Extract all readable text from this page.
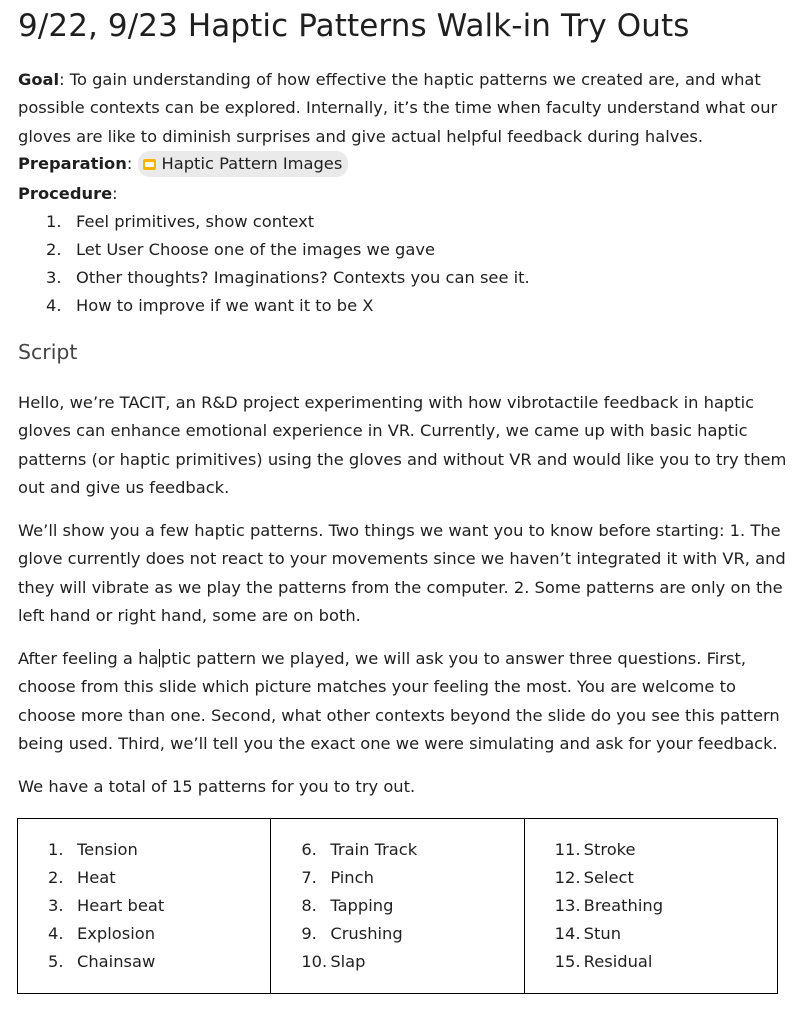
9/22, 9/23 Haptic Patterns Walk-in Try Outs
Goal: To gain understanding of how effective the haptic patterns we created are, and what possible contexts can be explored. Internally, it’s the time when faculty understand what our gloves are like to diminish surprises and give actual helpful feedback during halves.
Preparation: Haptic Pattern Images
Procedure:
1. Feel primitives, show context
2. Let User Choose one of the images we gave
3. Other thoughts? Imaginations? Contexts you can see it.
4. How to improve if we want it to be X
Script
Hello, we’re TACIT, an R&D project experimenting with how vibrotactile feedback in haptic gloves can enhance emotional experience in VR. Currently, we came up with basic haptic patterns (or haptic primitives) using the gloves and without VR and would like you to try them out and give us feedback.
We’ll show you a few haptic patterns. Two things we want you to know before starting: 1. The glove currently does not react to your movements since we haven’t integrated it with VR, and they will vibrate as we play the patterns from the computer. 2. Some patterns are only on the left hand or right hand, some are on both.
After feeling a ha ptic pattern we played, we will ask you to answer three questions. First, choose from this slide which picture matches your feeling the most. You are welcome to choose more than one. Second, what other contexts beyond the slide do you see this pattern being used. Third, we’ll tell you the exact one we were simulating and ask for your feedback.
We have a total of 15 patterns for you to try out.
1. Tension
2. Heat
3. Heart beat
4. Explosion
5. Chainsaw

6. Train Track
7. Pinch
8. Tapping
9. Crushing
10. Slap

11. Stroke
12. Select
13. Breathing
14. Stun
15. Residual
